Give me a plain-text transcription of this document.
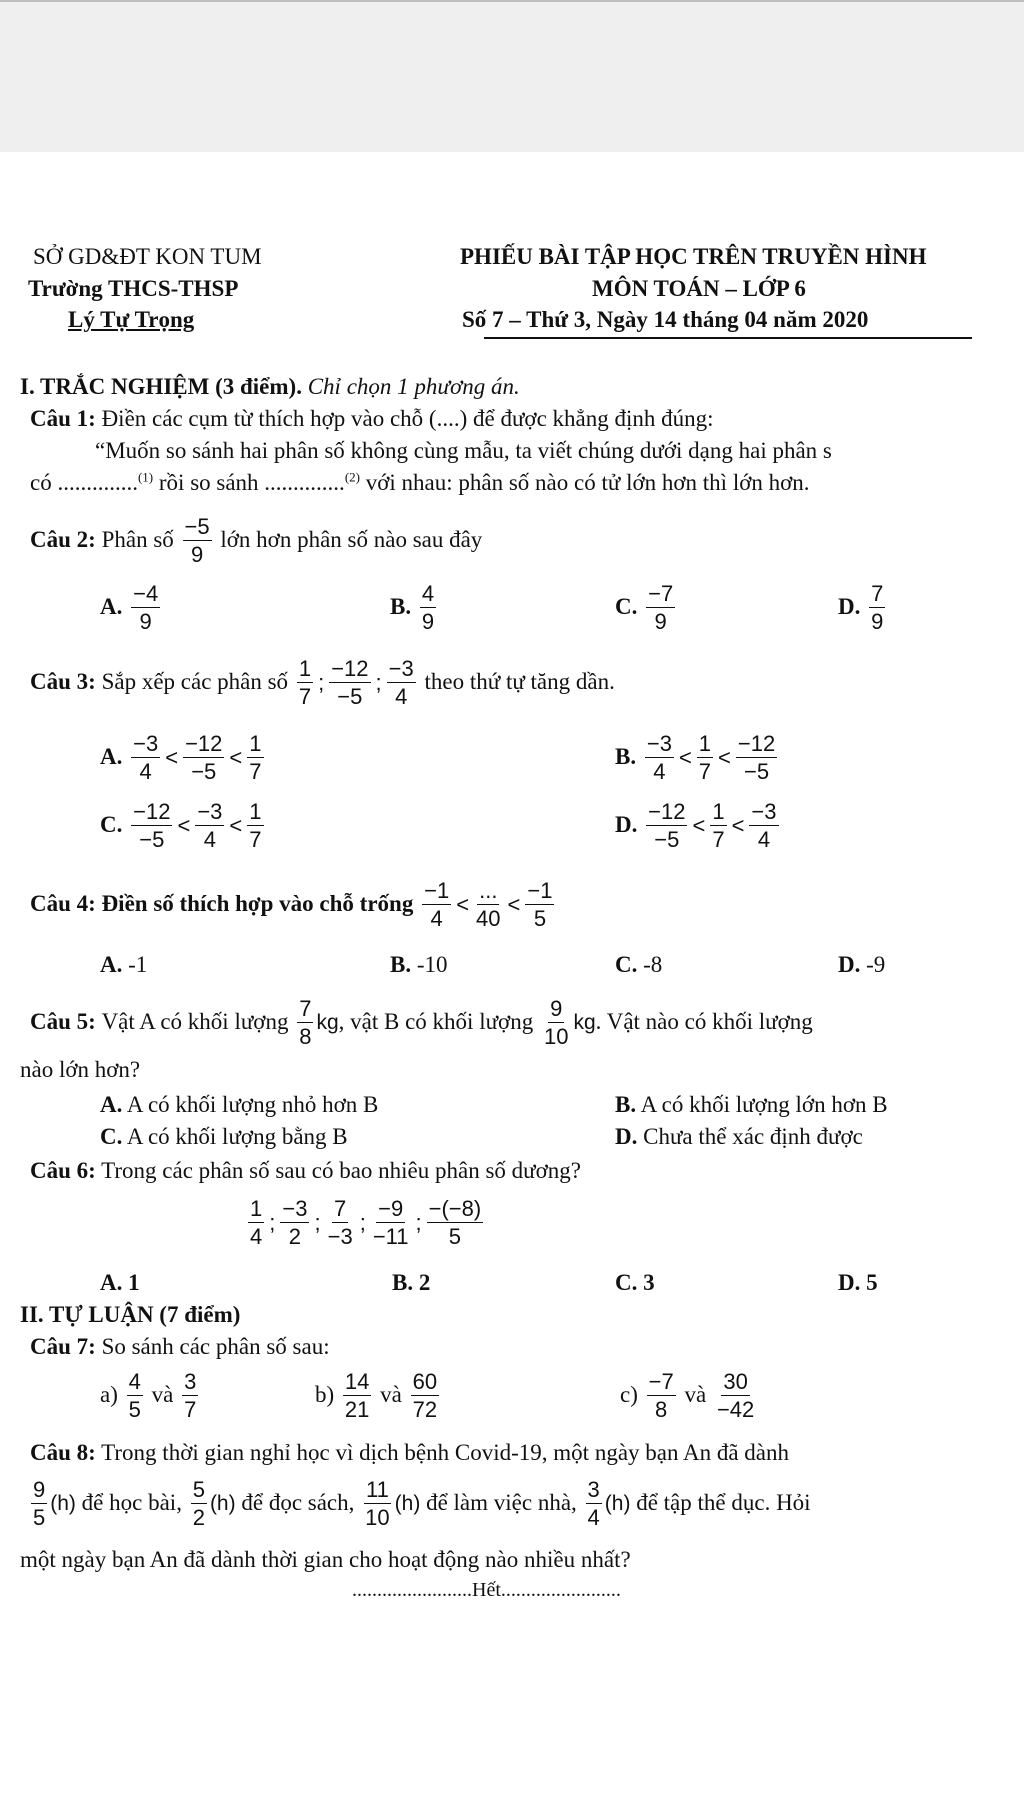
SỞ GD&ĐT KON TUM
Trường THCS-THSP
Lý Tự Trọng
PHIẾU BÀI TẬP HỌC TRÊN TRUYỀN HÌNH
MÔN TOÁN – LỚP 6
Số 7 – Thứ 3, Ngày 14 tháng 04 năm 2020
I. TRẮC NGHIỆM (3 điểm). Chỉ chọn 1 phương án.
Câu 1: Điền các cụm từ thích hợp vào chỗ (....) để được khẳng định đúng:
“Muốn so sánh hai phân số không cùng mẫu, ta viết chúng dưới dạng hai phân s
có ..............$^{(1)}$ rồi so sánh ..............$^{(2)}$ với nhau: phân số nào có tử lớn hơn thì lớn hơn.
Câu 2:
Phân số
$\frac{-5}{9}$
lớn hơn phân số nào sau đây
A.
$\frac{-4}{9}$	B.
$\frac{4}{9}$	C.
$\frac{-7}{9}$	D.
$\frac{7}{9}$
Câu 3:
Sắp xếp các phân số
$\frac{1}{7}$ ; $\frac{-12}{-5}$ ; $\frac{-3}{4}$
theo thứ tự tăng dần.
A.
$\frac{-3}{4} < \frac{-12}{-5} < \frac{1}{7}$	B.
$\frac{-3}{4} < \frac{1}{7} < \frac{-12}{-5}$
C.
$\frac{-12}{-5} < \frac{-3}{4} < \frac{1}{7}$	D.
$\frac{-12}{-5} < \frac{1}{7} < \frac{-3}{4}$
Câu 4:
Điền số thích hợp vào chỗ trống
$\frac{-1}{4} < \frac{...}{40} < \frac{-1}{5}$
A. -1	B. -10	C. -8	D. -9
Câu 5:
Vật A có khối lượng
$\frac{7}{8}$ kg , vật B có khối lượng
$\frac{9}{10}$ kg . Vật nào có khối lượng
nào lớn hơn?
A. A có khối lượng nhỏ hơn B	B. A có khối lượng lớn hơn B
C. A có khối lượng bằng B	D. Chưa thể xác định được
Câu 6: Trong các phân số sau có bao nhiêu phân số dương?
$\frac{1}{4}$ ; $\frac{-3}{2}$ ; $\frac{7}{-3}$ ; $\frac{-9}{-11}$ ; $\frac{-(-8)}{5}$
A. 1	B. 2	C. 3	D. 5
II. TỰ LUẬN (7 điểm)
Câu 7: So sánh các phân số sau:
a)
$\frac{4}{5}$
và
$\frac{3}{7}$	b)
$\frac{14}{21}$
và
$\frac{60}{72}$	c)
$\frac{-7}{8}$
và
$\frac{30}{-42}$
Câu 8: Trong thời gian nghỉ học vì dịch bệnh Covid-19, một ngày bạn An đã dành
$\frac{9}{5} (h)$
để học bài,
$\frac{5}{2} (h)$
để đọc sách,
$\frac{11}{10} (h)$
để làm việc nhà,
$\frac{3}{4} (h)$
để tập thể dục. Hỏi
một ngày bạn An đã dành thời gian cho hoạt động nào nhiều nhất?
........................Hết........................
